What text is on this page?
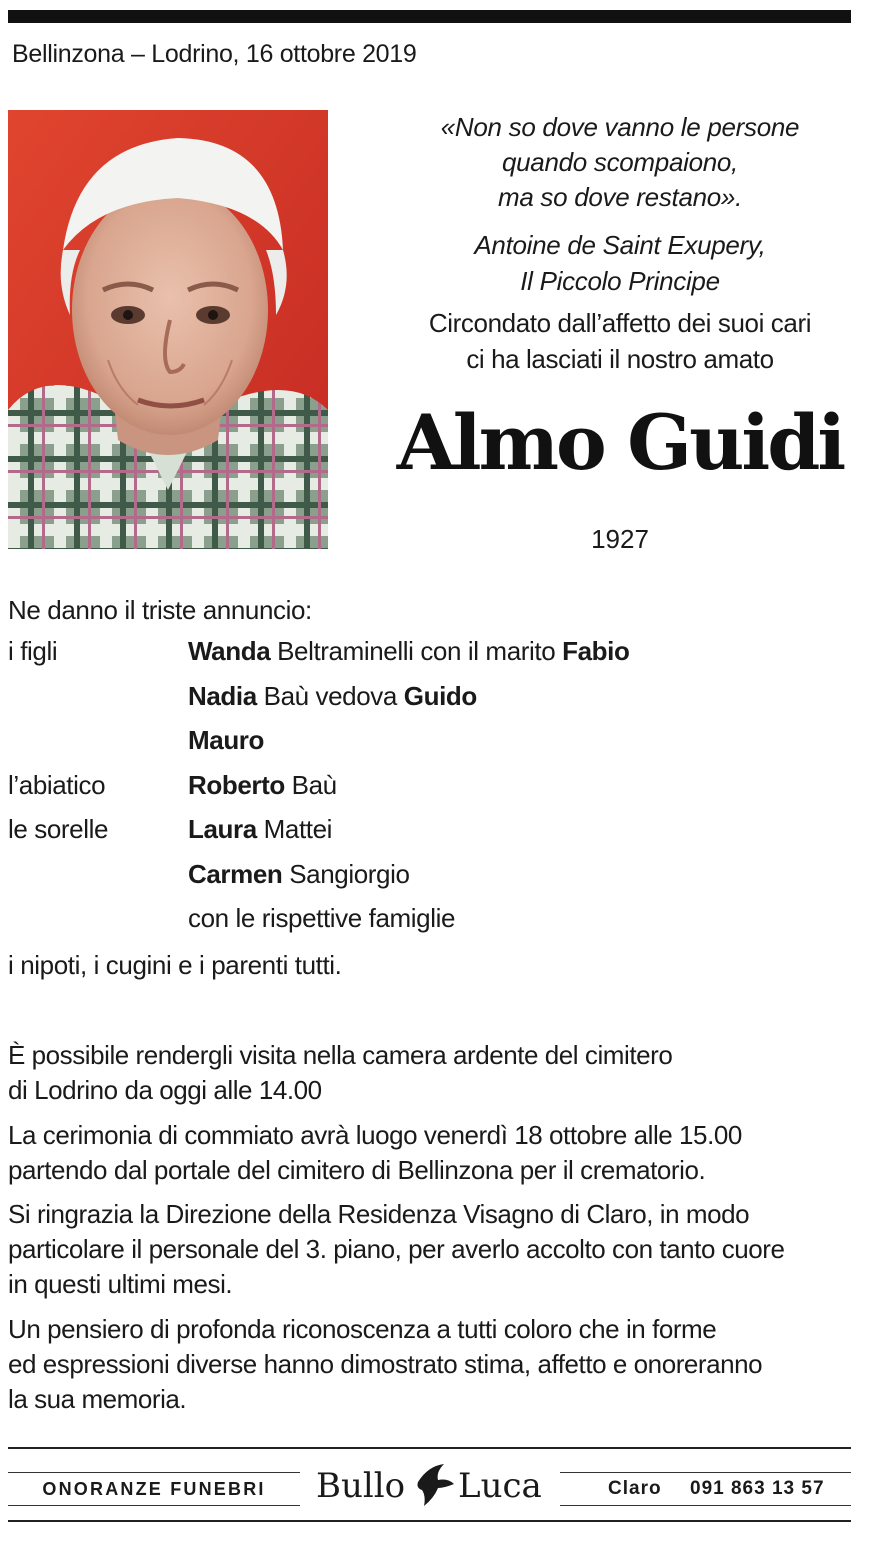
Bellinzona – Lodrino, 16 ottobre 2019
«Non so dove vanno le persone
quando scompaiono,
ma so dove restano».
Antoine de Saint Exupery,
Il Piccolo Principe
Circondato dall’affetto dei suoi cari
ci ha lasciati il nostro amato
Almo Guidi
1927
Ne danno il triste annuncio:
i figli	Wanda Beltraminelli con il marito Fabio
Nadia Baù vedova Guido
Mauro
l’abiatico	Roberto Baù
le sorelle	Laura Mattei
Carmen Sangiorgio
con le rispettive famiglie
i nipoti, i cugini e i parenti tutti.
È possibile rendergli visita nella camera ardente del cimitero
di Lodrino da oggi alle 14.00
La cerimonia di commiato avrà luogo venerdì 18 ottobre alle 15.00
partendo dal portale del cimitero di Bellinzona per il crematorio.
Si ringrazia la Direzione della Residenza Visagno di Claro, in modo
particolare il personale del 3. piano, per averlo accolto con tanto cuore
in questi ultimi mesi.
Un pensiero di profonda riconoscenza a tutti coloro che in forme
ed espressioni diverse hanno dimostrato stima, affetto e onoreranno
la sua memoria.
ONORANZE FUNEBRI	Bullo Luca	Claro 091 863 13 57
